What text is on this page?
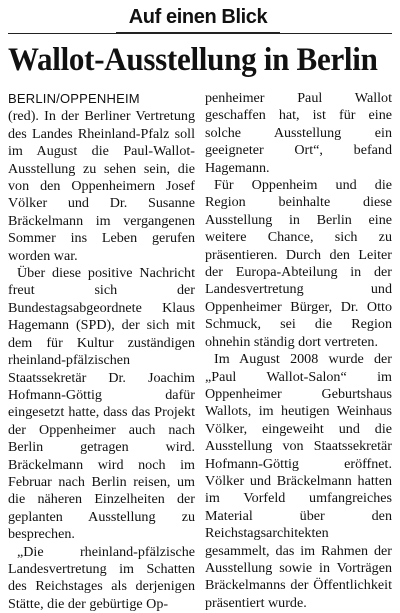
Auf einen Blick
Wallot-Ausstellung in Berlin

BERLIN/OPPENHEIM
(red). In der Berliner Vertretung des Landes Rheinland-Pfalz soll im August die Paul-Wallot-Ausstellung zu sehen sein, die von den Oppenheimern Josef Völker und Dr. Susanne Bräckelmann im vergangenen Sommer ins Leben gerufen worden war.

Über diese positive Nachricht freut sich der Bundestagsabgeordnete Klaus Hagemann (SPD), der sich mit dem für Kultur zuständigen rheinland-pfälzischen Staatssekretär Dr. Joachim Hofmann-Göttig dafür eingesetzt hatte, dass das Projekt der Oppenheimer auch nach Berlin getragen wird. Bräckelmann wird noch im Februar nach Berlin reisen, um die näheren Einzelheiten der geplanten Ausstellung zu besprechen.

„Die rheinland-pfälzische Landesvertretung im Schatten des Reichstages als derjenigen Stätte, die der gebürtige Op-

penheimer Paul Wallot geschaffen hat, ist für eine solche Ausstellung ein geeigneter Ort“, befand Hagemann.

Für Oppenheim und die Region beinhalte diese Ausstellung in Berlin eine weitere Chance, sich zu präsentieren. Durch den Leiter der Europa-Abteilung in der Landesvertretung und Oppenheimer Bürger, Dr. Otto Schmuck, sei die Region ohnehin ständig dort vertreten.

Im August 2008 wurde der „Paul Wallot-Salon“ im Oppenheimer Geburtshaus Wallots, im heutigen Weinhaus Völker, eingeweiht und die Ausstellung von Staatssekretär Hofmann-Göttig eröffnet. Völker und Bräckelmann hatten im Vorfeld umfangreiches Material über den Reichstagsarchitekten gesammelt, das im Rahmen der Ausstellung sowie in Vorträgen Bräckelmanns der Öffentlichkeit präsentiert wurde.
